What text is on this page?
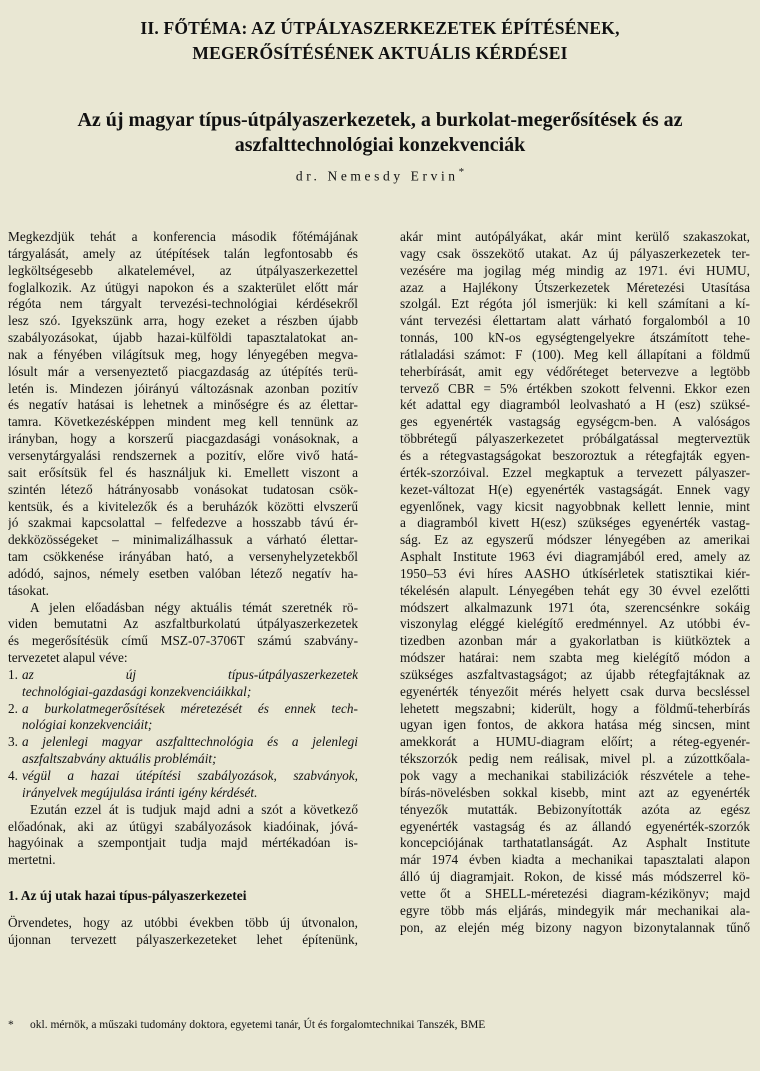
II. FŐTÉMA: AZ ÚTPÁLYASZERKEZETEK ÉPÍTÉSÉNEK,
MEGERŐSÍTÉSÉNEK AKTUÁLIS KÉRDÉSEI
Az új magyar típus-útpályaszerkezetek, a burkolat-megerősítések és az
aszfalttechnológiai konzekvenciák
dr. Nemesdy Ervin*
Megkezdjük tehát a konferencia második főtémájának
tárgyalását, amely az útépítések talán legfontosabb és
legköltségesebb alkatelemével, az útpályaszerkezettel
foglalkozik. Az útügyi napokon és a szakterület előtt már
régóta nem tárgyalt tervezési-technológiai kérdésekről
lesz szó. Igyekszünk arra, hogy ezeket a részben újabb
szabályozásokat, újabb hazai-külföldi tapasztalatokat an-
nak a fényében világítsuk meg, hogy lényegében megva-
lósult már a versenyeztető piacgazdaság az útépítés terü-
letén is. Mindezen jóirányú változásnak azonban pozitív
és negatív hatásai is lehetnek a minőségre és az élettar-
tamra. Következésképpen mindent meg kell tennünk az
irányban, hogy a korszerű piacgazdasági vonásoknak, a
versenytárgyalási rendszernek a pozitív, előre vivő hatá-
sait erősítsük fel és használjuk ki. Emellett viszont a
szintén létező hátrányosabb vonásokat tudatosan csök-
kentsük, és a kivitelezők és a beruházók közötti elvszerű
jó szakmai kapcsolattal – felfedezve a hosszabb távú ér-
dekközösségeket – minimalizálhassuk a várható élettar-
tam csökkenése irányában ható, a versenyhelyzetekből
adódó, sajnos, némely esetben valóban létező negatív ha-
tásokat.
A jelen előadásban négy aktuális témát szeretnék rö-
viden bemutatni Az aszfaltburkolatú útpályaszerkezetek
és megerősítésük című MSZ-07-3706T számú szabvány-
tervezetet alapul véve:
1. az új típus-útpályaszerkezetek
technológiai-gazdasági konzekvenciáikkal;
2. a burkolatmegerősítések méretezését és ennek tech-
nológiai konzekvenciáit;
3. a jelenlegi magyar aszfalttechnológia és a jelenlegi
aszfaltszabvány aktuális problémáit;
4. végül a hazai útépítési szabályozások, szabványok,
irányelvek megújulása iránti igény kérdését.
Ezután ezzel át is tudjuk majd adni a szót a következő
előadónak, aki az útügyi szabályozások kiadóinak, jóvá-
hagyóinak a szempontjait tudja majd mértékadóan is-
mertetni.
1. Az új utak hazai típus-pályaszerkezetei
Örvendetes, hogy az utóbbi években több új útvonalon,
újonnan tervezett pályaszerkezeteket lehet építenünk,
akár mint autópályákat, akár mint kerülő szakaszokat,
vagy csak összekötő utakat. Az új pályaszerkezetek ter-
vezésére ma jogilag még mindig az 1971. évi HUMU,
azaz a Hajlékony Útszerkezetek Méretezési Utasítása
szolgál. Ezt régóta jól ismerjük: ki kell számítani a kí-
vánt tervezési élettartam alatt várható forgalomból a 10
tonnás, 100 kN-os egységtengelyekre átszámított tehe-
rátlaladási számot: F (100). Meg kell állapítani a földmű
teherbírását, amit egy védőréteget betervezve a legtöbb
tervező CBR = 5% értékben szokott felvenni. Ekkor ezen
két adattal egy diagramból leolvasható a H (esz) szüksé-
ges egyenérték vastagság egységcm-ben. A valóságos
többrétegű pályaszerkezetet próbálgatással megterveztük
és a rétegvastagságokat beszoroztuk a rétegfajták egyen-
érték-szorzóival. Ezzel megkaptuk a tervezett pályaszer-
kezet-változat H(e) egyenérték vastagságát. Ennek vagy
egyenlőnek, vagy kicsit nagyobbnak kellett lennie, mint
a diagramból kivett H(esz) szükséges egyenérték vastag-
ság. Ez az egyszerű módszer lényegében az amerikai
Asphalt Institute 1963 évi diagramjából ered, amely az
1950–53 évi híres AASHO útkísérletek statisztikai kiér-
tékelésén alapult. Lényegében tehát egy 30 évvel ezelőtti
módszert alkalmazunk 1971 óta, szerencsénkre sokáig
viszonylag eléggé kielégítő eredménnyel. Az utóbbi év-
tizedben azonban már a gyakorlatban is kiütköztek a
módszer határai: nem szabta meg kielégítő módon a
szükséges aszfaltvastagságot; az újabb rétegfajtáknak az
egyenérték tényezőit mérés helyett csak durva becsléssel
lehetett megszabni; kiderült, hogy a földmű-teherbírás
ugyan igen fontos, de akkora hatása még sincsen, mint
amekkorát a HUMU-diagram előírt; a réteg-egyenér-
tékszorzók pedig nem reálisak, mivel pl. a zúzottkőala-
pok vagy a mechanikai stabilizációk részvétele a tehe-
bírás-növelésben sokkal kisebb, mint azt az egyenérték
tényezők mutatták. Bebizonyították azóta az egész
egyenérték vastagság és az állandó egyenérték-szorzók
koncepciójának tarthatatlanságát. Az Asphalt Institute
már 1974 évben kiadta a mechanikai tapasztalati alapon
álló új diagramjait. Rokon, de kissé más módszerrel kö-
vette őt a SHELL-méretezési diagram-kézikönyv; majd
egyre több más eljárás, mindegyik már mechanikai ala-
pon, az elején még bizony nagyon bizonytalannak tűnő
* okl. mérnök, a műszaki tudomány doktora, egyetemi tanár, Út és forgalomtechnikai Tanszék, BME
